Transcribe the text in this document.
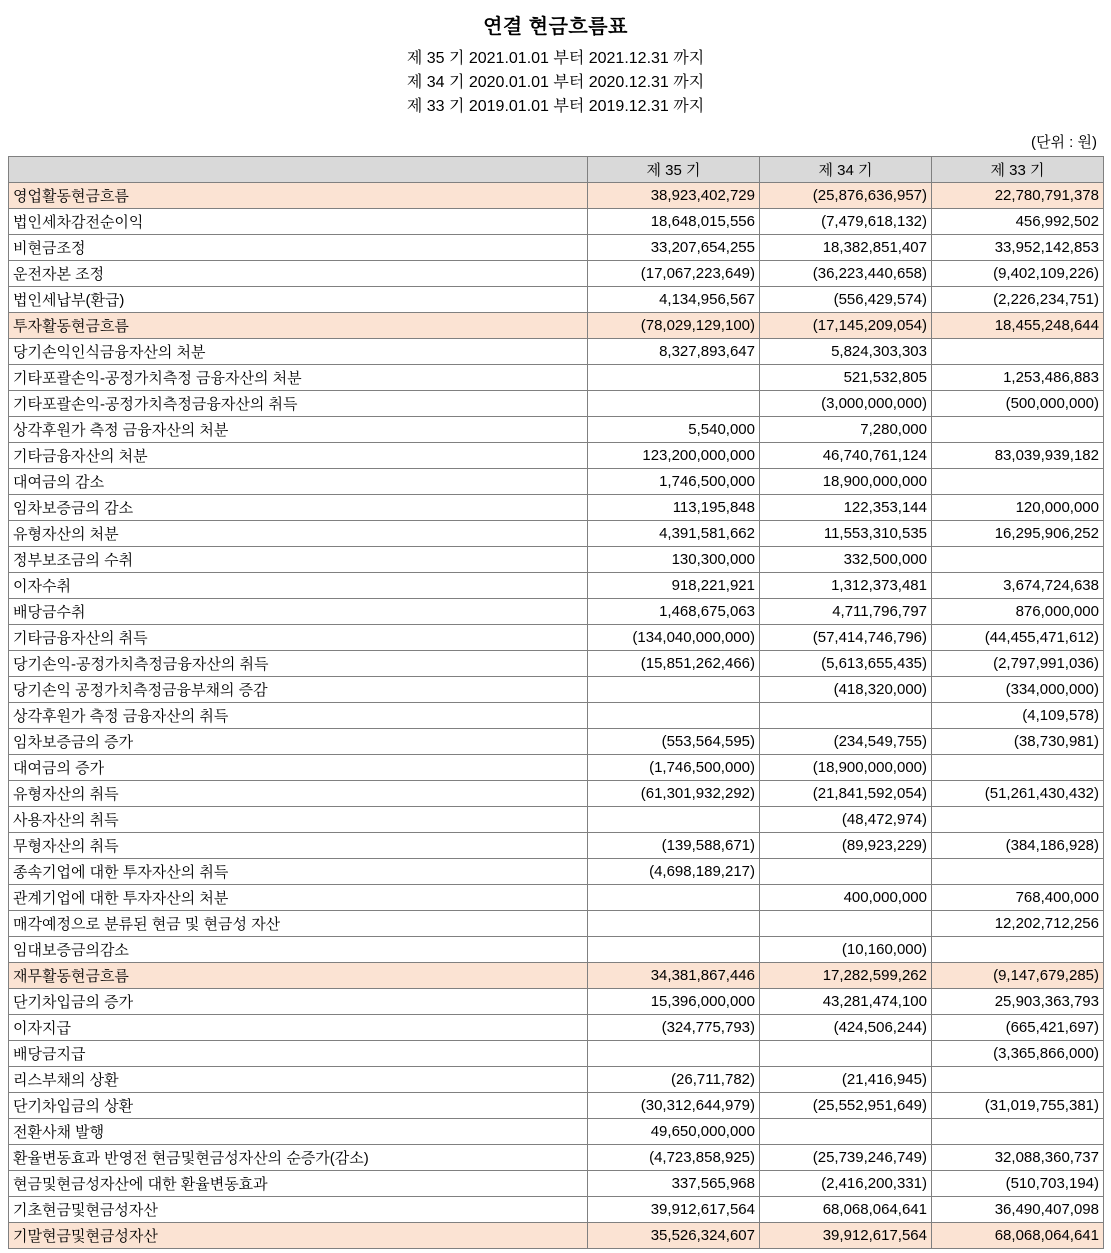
연결 현금흐름표
제 35 기 2021.01.01 부터 2021.12.31 까지
제 34 기 2020.01.01 부터 2020.12.31 까지
제 33 기 2019.01.01 부터 2019.12.31 까지
(단위 : 원)
	제 35 기	제 34 기	제 33 기
영업활동현금흐름	38,923,402,729	(25,876,636,957)	22,780,791,378
법인세차감전순이익	18,648,015,556	(7,479,618,132)	456,992,502
비현금조정	33,207,654,255	18,382,851,407	33,952,142,853
운전자본 조정	(17,067,223,649)	(36,223,440,658)	(9,402,109,226)
법인세납부(환급)	4,134,956,567	(556,429,574)	(2,226,234,751)
투자활동현금흐름	(78,029,129,100)	(17,145,209,054)	18,455,248,644
당기손익인식금융자산의 처분	8,327,893,647	5,824,303,303	
기타포괄손익-공정가치측정 금융자산의 처분		521,532,805	1,253,486,883
기타포괄손익-공정가치측정금융자산의 취득		(3,000,000,000)	(500,000,000)
상각후원가 측정 금융자산의 처분	5,540,000	7,280,000	
기타금융자산의 처분	123,200,000,000	46,740,761,124	83,039,939,182
대여금의 감소	1,746,500,000	18,900,000,000	
임차보증금의 감소	113,195,848	122,353,144	120,000,000
유형자산의 처분	4,391,581,662	11,553,310,535	16,295,906,252
정부보조금의 수취	130,300,000	332,500,000	
이자수취	918,221,921	1,312,373,481	3,674,724,638
배당금수취	1,468,675,063	4,711,796,797	876,000,000
기타금융자산의 취득	(134,040,000,000)	(57,414,746,796)	(44,455,471,612)
당기손익-공정가치측정금융자산의 취득	(15,851,262,466)	(5,613,655,435)	(2,797,991,036)
당기손익 공정가치측정금융부채의 증감		(418,320,000)	(334,000,000)
상각후원가 측정 금융자산의 취득			(4,109,578)
임차보증금의 증가	(553,564,595)	(234,549,755)	(38,730,981)
대여금의 증가	(1,746,500,000)	(18,900,000,000)	
유형자산의 취득	(61,301,932,292)	(21,841,592,054)	(51,261,430,432)
사용자산의 취득		(48,472,974)	
무형자산의 취득	(139,588,671)	(89,923,229)	(384,186,928)
종속기업에 대한 투자자산의 취득	(4,698,189,217)		
관계기업에 대한 투자자산의 처분		400,000,000	768,400,000
매각예정으로 분류된 현금 및 현금성 자산			12,202,712,256
임대보증금의감소		(10,160,000)	
재무활동현금흐름	34,381,867,446	17,282,599,262	(9,147,679,285)
단기차입금의 증가	15,396,000,000	43,281,474,100	25,903,363,793
이자지급	(324,775,793)	(424,506,244)	(665,421,697)
배당금지급			(3,365,866,000)
리스부채의 상환	(26,711,782)	(21,416,945)	
단기차입금의 상환	(30,312,644,979)	(25,552,951,649)	(31,019,755,381)
전환사채 발행	49,650,000,000		
환율변동효과 반영전 현금및현금성자산의 순증가(감소)	(4,723,858,925)	(25,739,246,749)	32,088,360,737
현금및현금성자산에 대한 환율변동효과	337,565,968	(2,416,200,331)	(510,703,194)
기초현금및현금성자산	39,912,617,564	68,068,064,641	36,490,407,098
기말현금및현금성자산	35,526,324,607	39,912,617,564	68,068,064,641
